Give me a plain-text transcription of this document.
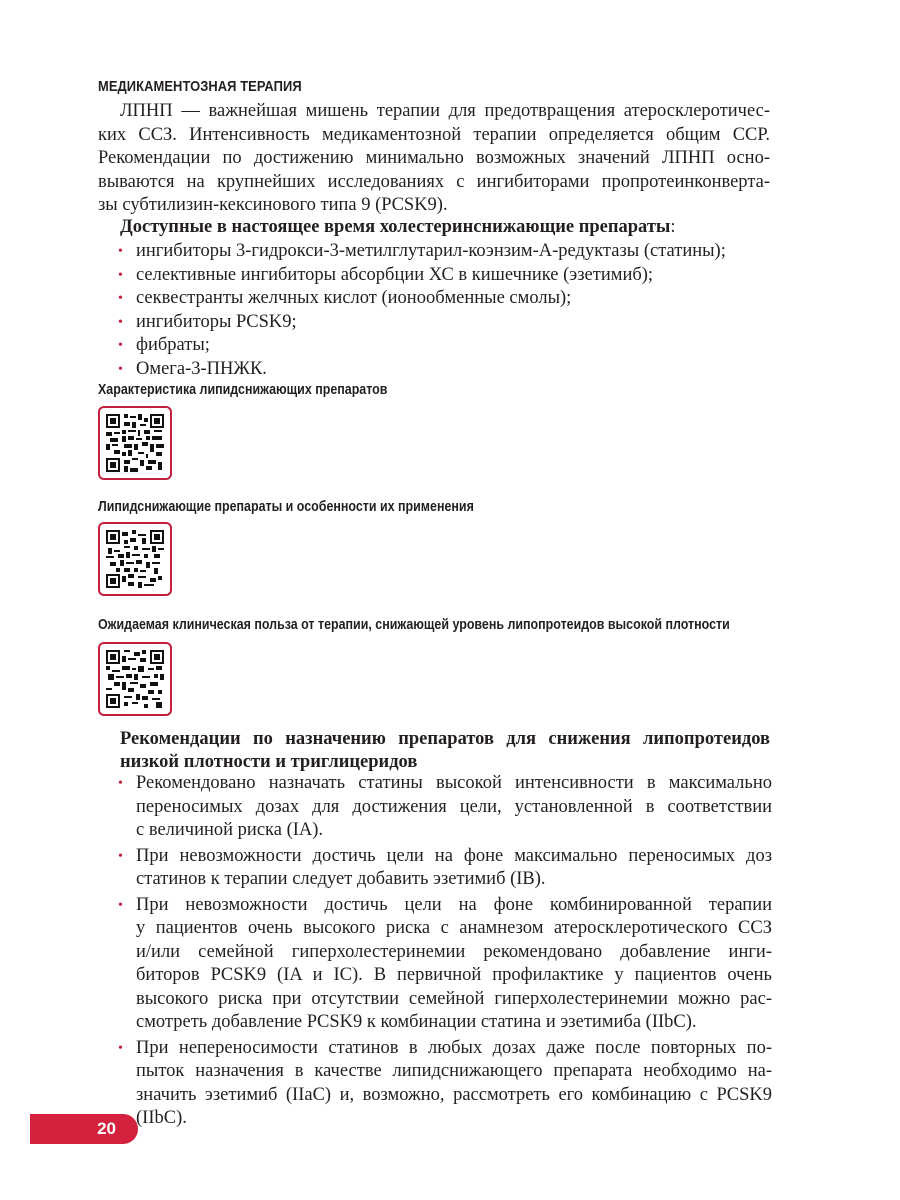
МЕДИКАМЕНТОЗНАЯ ТЕРАПИЯ
ЛПНП — важнейшая мишень терапии для предотвращения атеросклеротичес-
ких ССЗ. Интенсивность медикаментозной терапии определяется общим ССР.
Рекомендации по достижению минимально возможных значений ЛПНП осно-
вываются на крупнейших исследованиях с ингибиторами пропротеинконверта-
зы субтилизин-кексинового типа 9 (PCSK9).
Доступные в настоящее время холестеринснижающие препараты:
• ингибиторы 3-гидрокси-3-метилглутарил-коэнзим-А-редуктазы (статины);
• селективные ингибиторы абсорбции ХС в кишечнике (эзетимиб);
• секвестранты желчных кислот (ионообменные смолы);
• ингибиторы PCSK9;
• фибраты;
• Омега-3-ПНЖК.
Характеристика липидснижающих препаратов
Липидснижающие препараты и особенности их применения
Ожидаемая клиническая польза от терапии, снижающей уровень липопротеидов высокой плотности
Рекомендации по назначению препаратов для снижения липопротеидов низкой плотности и триглицеридов
• Рекомендовано назначать статины высокой интенсивности в максимально
переносимых дозах для достижения цели, установленной в соответствии
с величиной риска (IA).
• При невозможности достичь цели на фоне максимально переносимых доз
статинов к терапии следует добавить эзетимиб (IB).
• При невозможности достичь цели на фоне комбинированной терапии
у пациентов очень высокого риска с анамнезом атеросклеротического ССЗ
и/или семейной гиперхолестеринемии рекомендовано добавление инги-
биторов PCSK9 (IA и IC). В первичной профилактике у пациентов очень
высокого риска при отсутствии семейной гиперхолестеринемии можно рас-
смотреть добавление PCSK9 к комбинации статина и эзетимиба (IIbC).
• При непереносимости статинов в любых дозах даже после повторных по-
пыток назначения в качестве липидснижающего препарата необходимо на-
значить эзетимиб (IIaC) и, возможно, рассмотреть его комбинацию с PCSK9
(IIbC).
20
